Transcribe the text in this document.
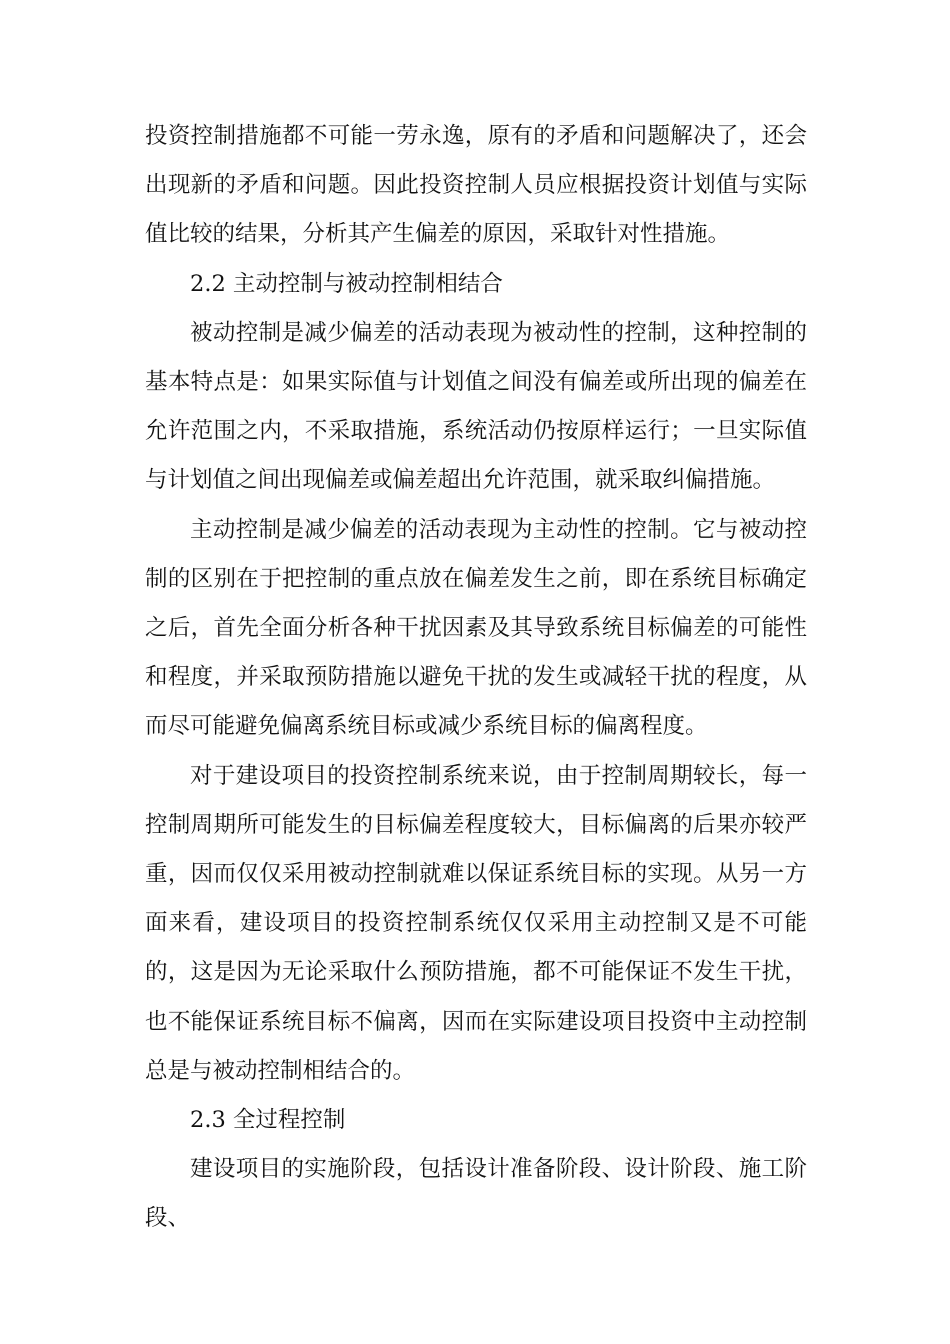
投资控制措施都不可能一劳永逸，原有的矛盾和问题解决了，还会出现新的矛盾和问题。因此投资控制人员应根据投资计划值与实际值比较的结果，分析其产生偏差的原因，采取针对性措施。

2.2 主动控制与被动控制相结合

被动控制是减少偏差的活动表现为被动性的控制，这种控制的基本特点是：如果实际值与计划值之间没有偏差或所出现的偏差在允许范围之内，不采取措施，系统活动仍按原样运行；一旦实际值与计划值之间出现偏差或偏差超出允许范围，就采取纠偏措施。

主动控制是减少偏差的活动表现为主动性的控制。它与被动控制的区别在于把控制的重点放在偏差发生之前，即在系统目标确定之后，首先全面分析各种干扰因素及其导致系统目标偏差的可能性和程度，并采取预防措施以避免干扰的发生或减轻干扰的程度，从而尽可能避免偏离系统目标或减少系统目标的偏离程度。

对于建设项目的投资控制系统来说，由于控制周期较长，每一控制周期所可能发生的目标偏差程度较大，目标偏离的后果亦较严重，因而仅仅采用被动控制就难以保证系统目标的实现。从另一方面来看，建设项目的投资控制系统仅仅采用主动控制又是不可能的，这是因为无论采取什么预防措施，都不可能保证不发生干扰，也不能保证系统目标不偏离，因而在实际建设项目投资中主动控制总是与被动控制相结合的。

2.3 全过程控制

建设项目的实施阶段，包括设计准备阶段、设计阶段、施工阶段、
